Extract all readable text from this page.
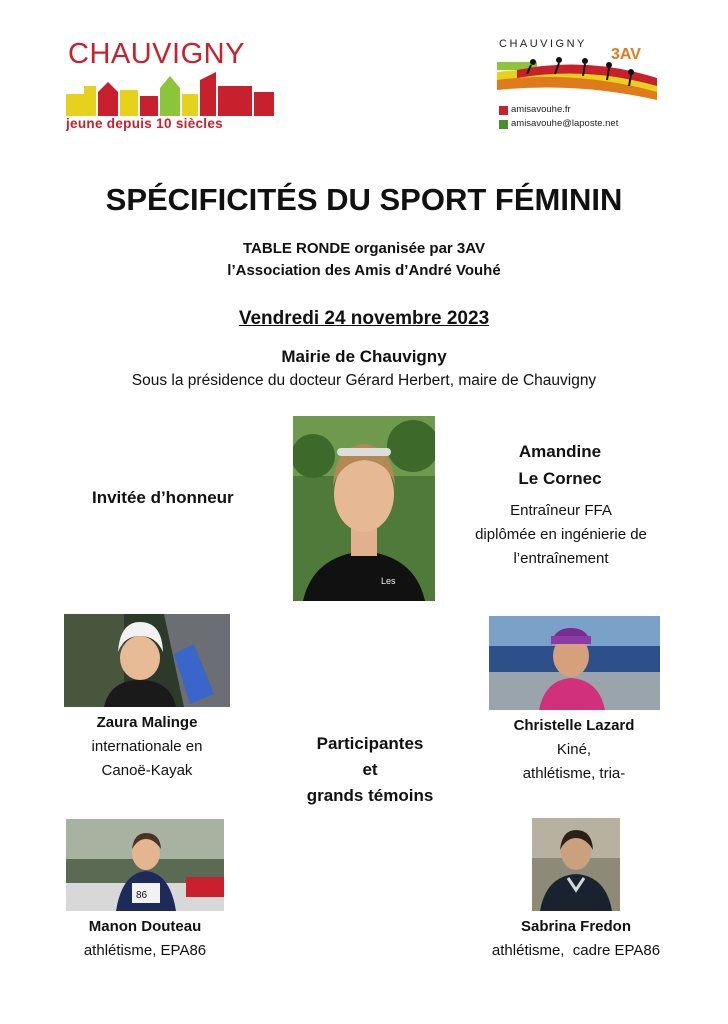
CHAUVIGNY
jeune depuis 10 siècles
CHAUVIGNY
3AV
amisavouhe.fr
amisavouhe@laposte.net
SPÉCIFICITÉS DU SPORT FÉMININ
TABLE RONDE organisée par 3AV
l’Association des Amis d’André Vouhé
Vendredi 24 novembre 2023
Mairie de Chauvigny
Sous la présidence du docteur Gérard Herbert, maire de Chauvigny
Invitée d’honneur
Les
Amandine
Le Cornec
Entraîneur FFA
diplômée en ingénierie de
l’entraînement
Zaura Malinge
internationale en
Canoë-Kayak
Christelle Lazard
Kiné,
athlétisme, tria-
Participantes
et
grands témoins
86
Manon Douteau
athlétisme, EPA86
Sabrina Fredon
athlétisme,  cadre EPA86
